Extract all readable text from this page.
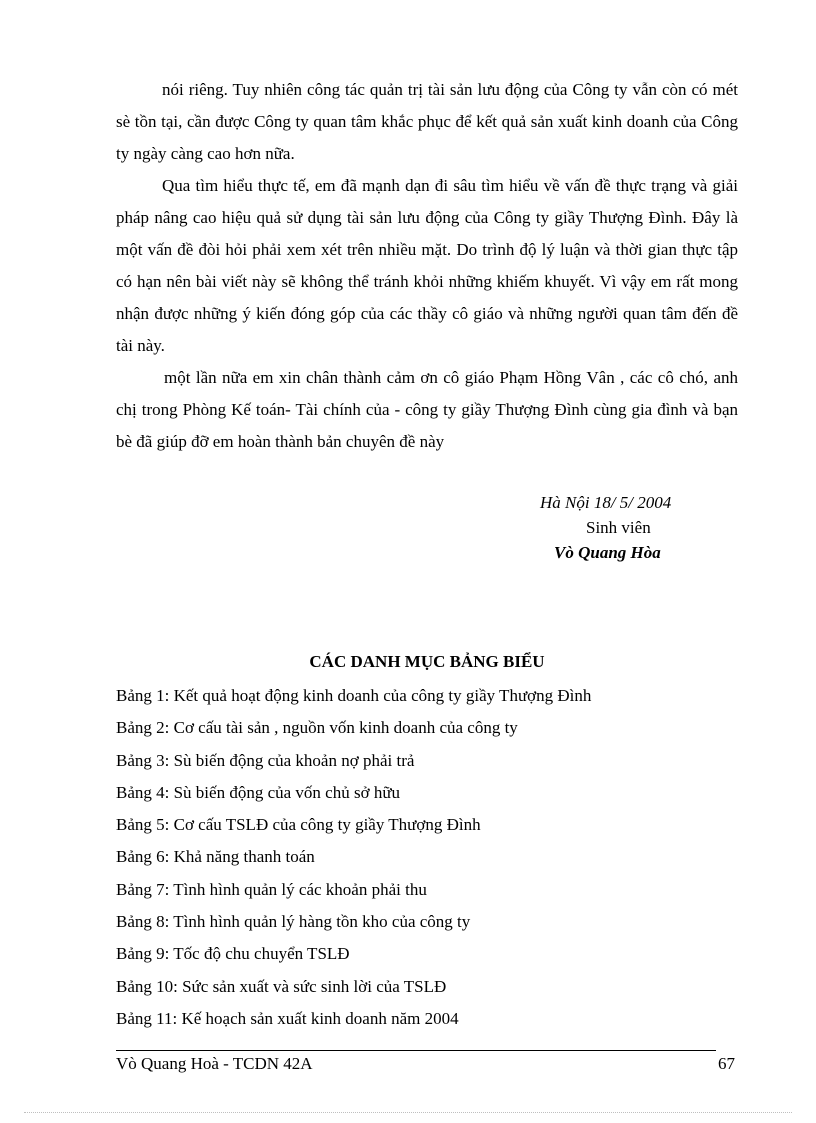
nói riêng. Tuy nhiên công tác quản trị tài sản lưu động của Công ty vẫn còn có mét sè tồn tại, cần được Công ty quan tâm khắc phục để kết quả sản xuất kinh doanh của Công ty ngày càng cao hơn nữa.

Qua tìm hiểu thực tế, em đã mạnh dạn đi sâu tìm hiểu về vấn đề thực trạng và giải pháp nâng cao hiệu quả sử dụng tài sản lưu động của Công ty giầy Thượng Đình. Đây là một vấn đề đòi hỏi phải xem xét trên nhiều mặt. Do trình độ lý luận và thời gian thực tập có hạn nên bài viết này sẽ không thể tránh khỏi những khiếm khuyết. Vì vậy em rất mong nhận được những ý kiến đóng góp của các thầy cô giáo và những người quan tâm đến đề tài này.

một lần nữa em xin chân thành cảm ơn cô giáo Phạm Hồng Vân , các cô chó, anh chị trong Phòng Kế toán- Tài chính của - công ty giầy Thượng Đình cùng gia đình và bạn bè đã giúp đỡ em hoàn thành bản chuyên đề này

Hà Nội 18/ 5/ 2004
Sinh viên
Vò Quang Hòa
CÁC DANH MỤC BẢNG BIỂU
Bảng 1: Kết quả hoạt động kinh doanh của công ty giầy Thượng Đình
Bảng 2: Cơ cấu tài sản , nguồn vốn kinh doanh của công ty
Bảng 3: Sù biến động của khoản nợ phải trả
Bảng 4: Sù biến động của vốn chủ sở hữu
Bảng 5: Cơ cấu TSLĐ của công ty giầy Thượng Đình
Bảng 6: Khả năng thanh toán
Bảng 7: Tình hình quản lý các khoản phải thu
Bảng 8: Tình hình quản lý hàng tồn kho của công ty
Bảng 9: Tốc độ chu chuyển TSLĐ
Bảng 10: Sức sản xuất và sức sinh lời của TSLĐ
Bảng 11: Kế hoạch sản xuất kinh doanh năm 2004
Vò Quang Hoà - TCDN 42A	67
